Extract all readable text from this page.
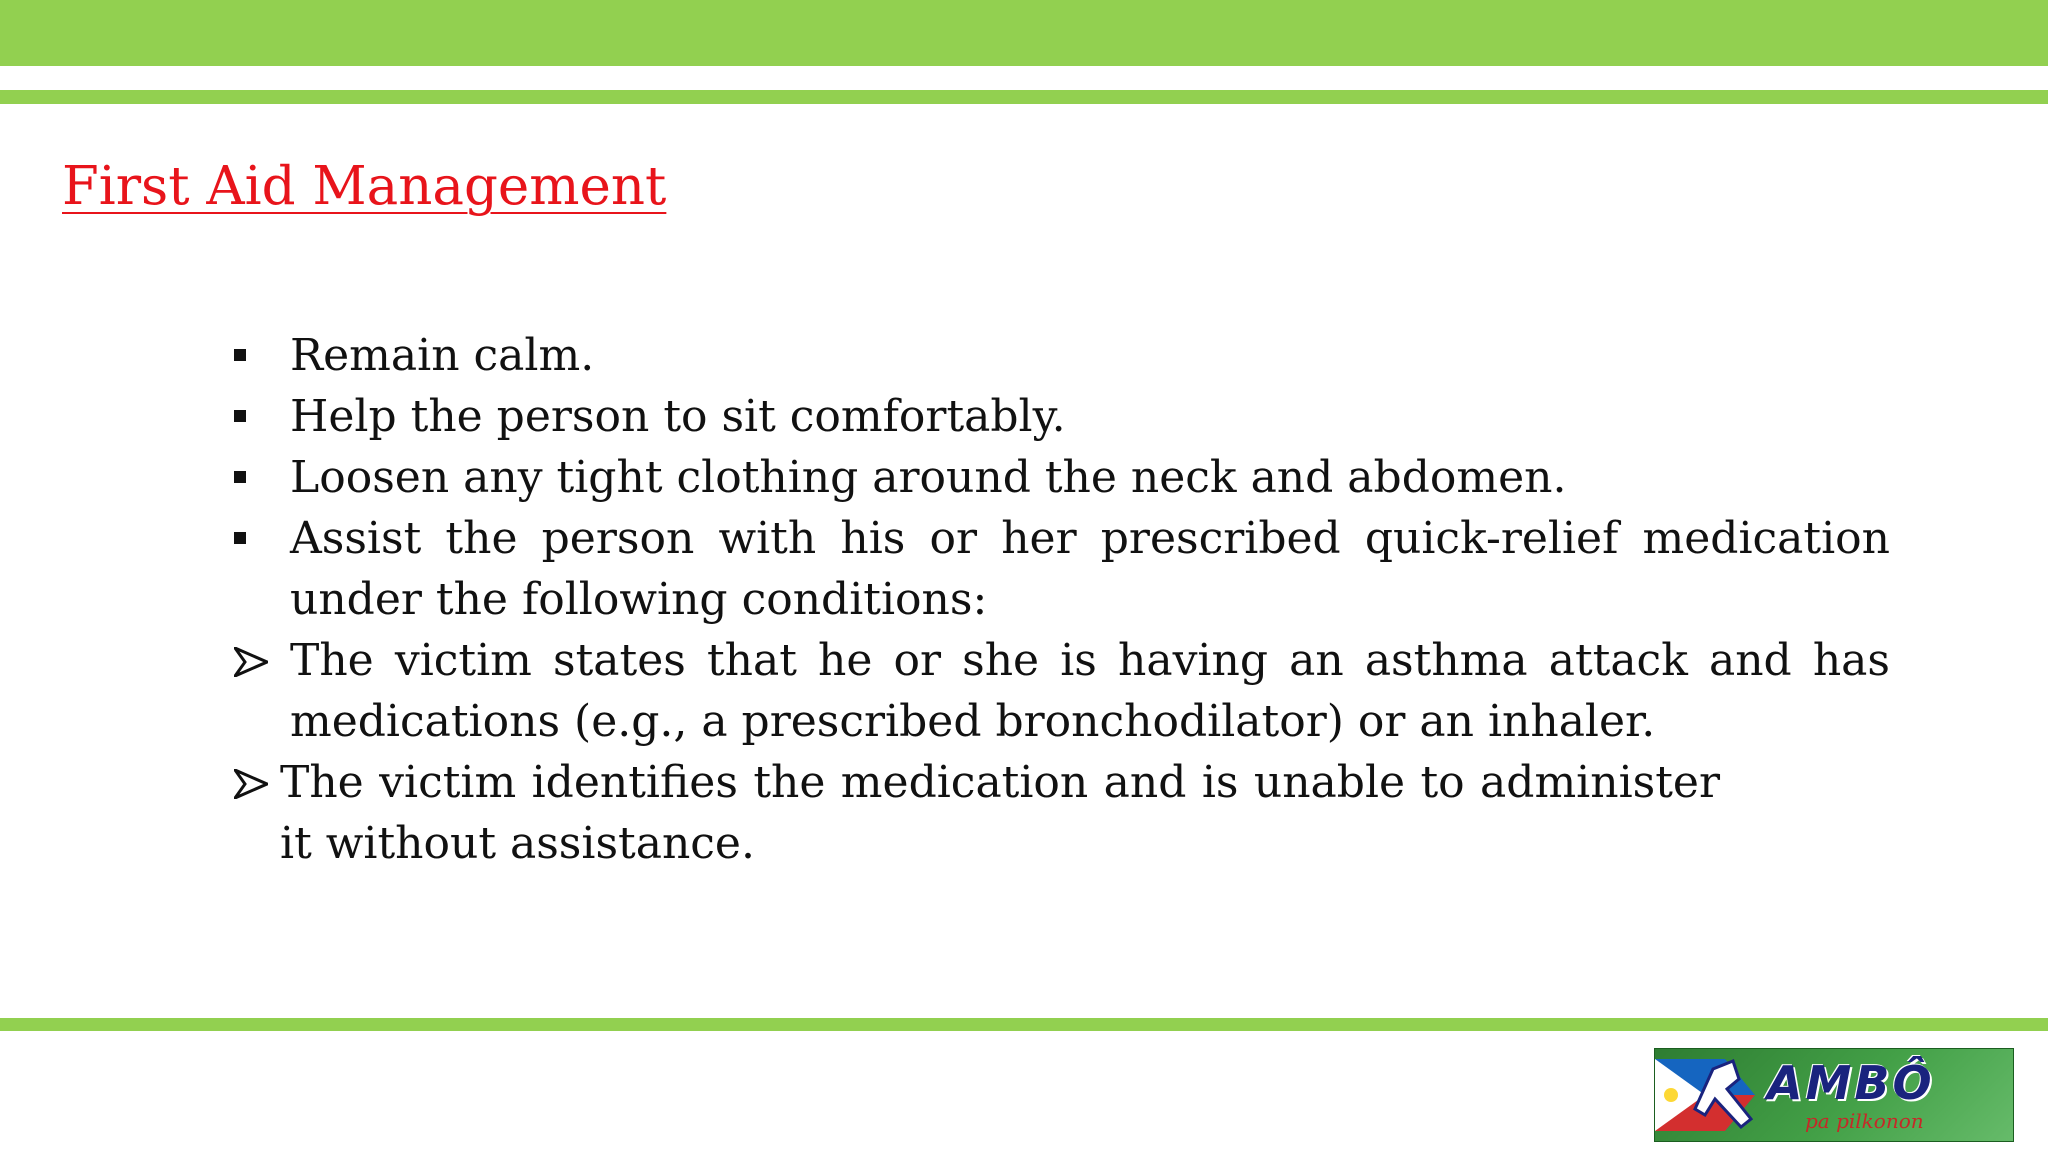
First Aid Management
Remain calm.
Help the person to sit comfortably.
Loosen any tight clothing around the neck and abdomen.
Assist the person with his or her prescribed quick-relief medication under the following conditions:
The victim states that he or she is having an asthma attack and has medications (e.g., a prescribed bronchodilator) or an inhaler.
The victim identifies the medication and is unable to administer it without assistance.
AMBÔ
pa pilkonon
